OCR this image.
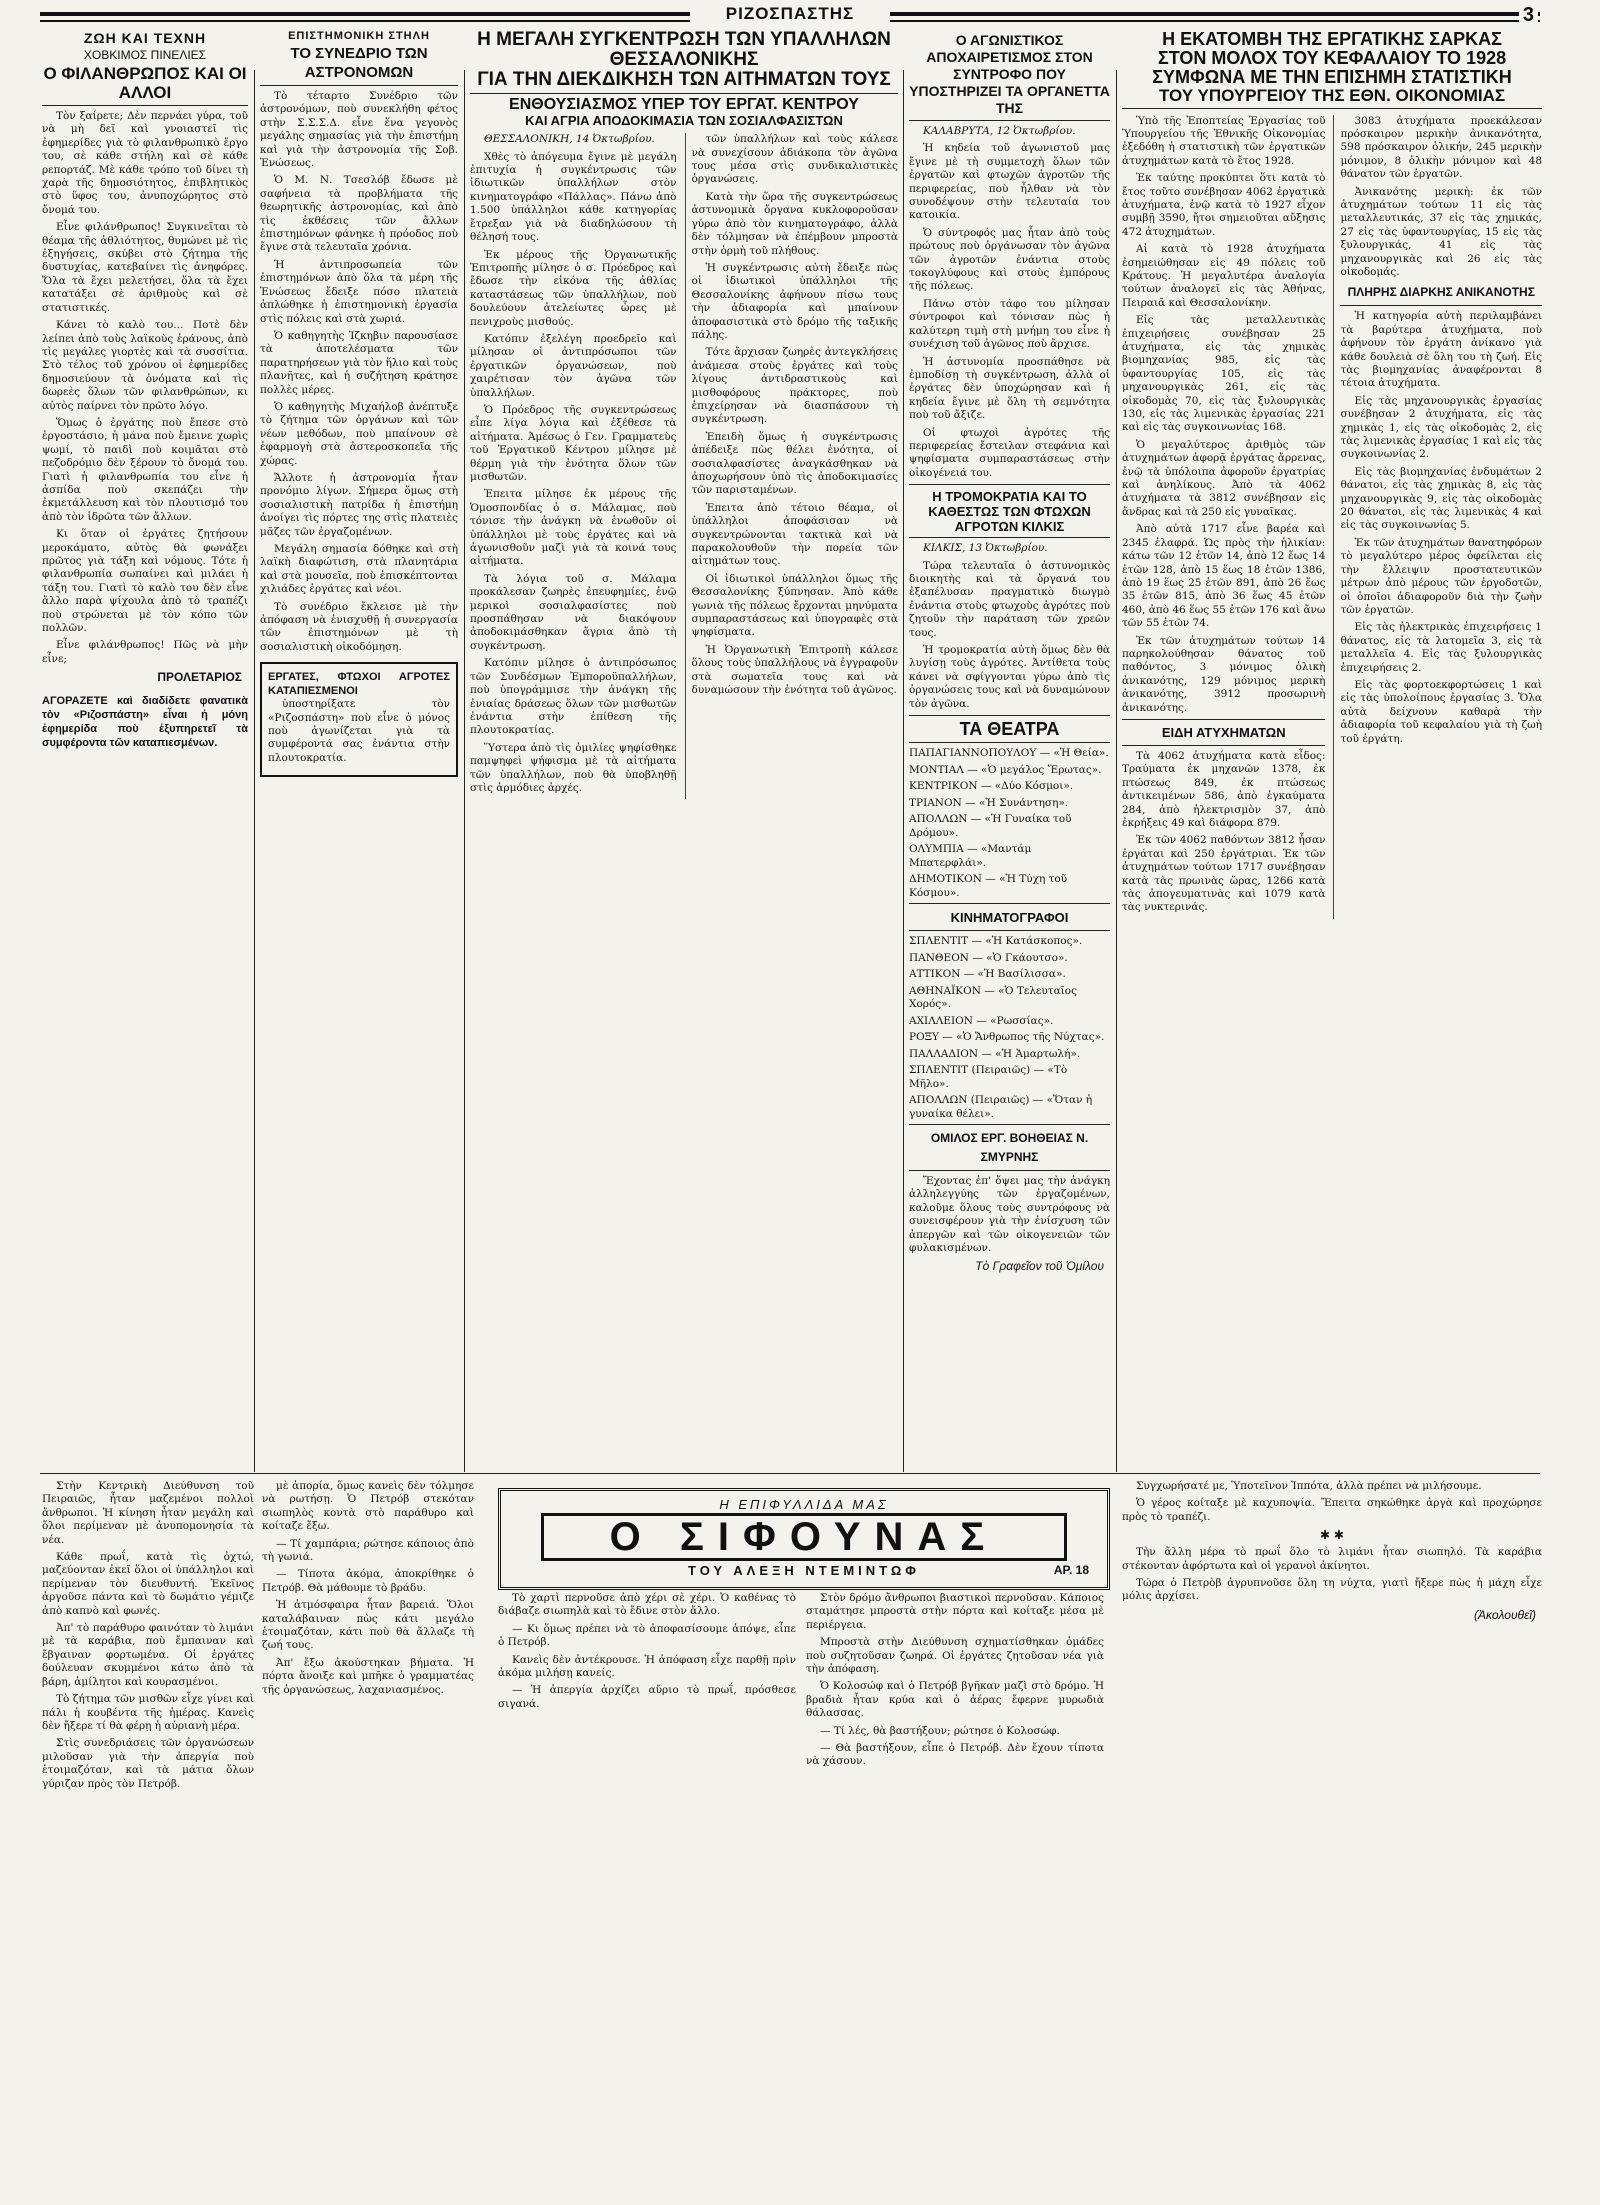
ΡΙΖΟΣΠΑΣΤΗΣ	3
ΖΩΗ ΚΑΙ ΤΕΧΝΗ
ΧΟΒΚΙΜΟΣ ΠΙΝΕΛΙΕΣ
Ο ΦΙΛΑΝΘΡΩΠΟΣ ΚΑΙ ΟΙ ΑΛΛΟΙ

Τὸν ξαίρετε; Δὲν περνάει γύρα, τοῦ νὰ μὴ δεῖ καὶ γνοιαστεῖ τὶς ἐφημερίδες γιὰ τὸ φιλανθρωπικὸ ἔργο του, σὲ κάθε στήλη καὶ σὲ κάθε ρεπορτάζ. Μὲ κάθε τρόπο τοῦ δίνει τὴ χαρὰ τῆς δημοσιότητος, ἐπιβλητικὸς στὸ ὕφος του, ἀνυποχώρητος στὸ ὄνομά του.

Εἶνε φιλάνθρωπος! Συγκινεῖται τὸ θέαμα τῆς ἀθλιότητος, θυμώνει μὲ τὶς ἐξηγήσεις, σκύβει στὸ ζήτημα τῆς δυστυχίας, κατεβαίνει τὶς ἀνηφόρες. Ὅλα τὰ ἔχει μελετήσει, ὅλα τὰ ἔχει κατατάξει σὲ ἀριθμοὺς καὶ σὲ στατιστικές.

Κάνει τὸ καλὸ του... Ποτὲ δὲν λείπει ἀπὸ τοὺς λαϊκοὺς ἐράνους, ἀπὸ τὶς μεγάλες γιορτὲς καὶ τὰ συσσίτια. Στὸ τέλος τοῦ χρόνου οἱ ἐφημερίδες δημοσιεύουν τὰ ὀνόματα καὶ τὶς δωρεὲς ὅλων τῶν φιλανθρώπων, κι αὐτὸς παίρνει τὸν πρῶτο λόγο.

Ὅμως ὁ ἐργάτης ποὺ ἔπεσε στὸ ἐργοστάσιο, ἡ μάνα ποὺ ἔμεινε χωρὶς ψωμί, τὸ παιδὶ ποὺ κοιμᾶται στὸ πεζοδρόμιο δὲν ξέρουν τὸ ὄνομά του. Γιατὶ ἡ φιλανθρωπία του εἶνε ἡ ἀσπίδα ποὺ σκεπάζει τὴν ἐκμετάλλευση καὶ τὸν πλουτισμό του ἀπὸ τὸν ἱδρῶτα τῶν ἄλλων.

Κι ὅταν οἱ ἐργάτες ζητήσουν μεροκάματο, αὐτὸς θὰ φωνάξει πρῶτος γιὰ τάξη καὶ νόμους. Τότε ἡ φιλανθρωπία σωπαίνει καὶ μιλάει ἡ τάξη του. Γιατὶ τὸ καλὸ του δὲν εἶνε ἄλλο παρὰ ψίχουλα ἀπὸ τὸ τραπέζι ποὺ στρώνεται μὲ τὸν κόπο τῶν πολλῶν.

Εἶνε φιλάνθρωπος! Πῶς νὰ μὴν εἶνε;

ΠΡΟΛΕΤΑΡΙΟΣ
ΑΓΟΡΑΖΕΤΕ καὶ διαδίδετε φανατικὰ τὸν «Ριζοσπάστη» εἶναι ἡ μόνη ἐφημερίδα ποὺ ἐξυπηρετεῖ τὰ συμφέροντα τῶν καταπιεσμένων.
ΕΠΙΣΤΗΜΟΝΙΚΗ ΣΤΗΛΗ
ΤΟ ΣΥΝΕΔΡΙΟ ΤΩΝ ΑΣΤΡΟΝΟΜΩΝ

Τὸ τέταρτο Συνέδριο τῶν ἀστρονόμων, ποὺ συνεκλήθη φέτος στὴν Σ.Σ.Σ.Δ. εἶνε ἕνα γεγονὸς μεγάλης σημασίας γιὰ τὴν ἐπιστήμη καὶ γιὰ τὴν ἀστρονομία τῆς Σοβ. Ἑνώσεως.

Ὁ Μ. Ν. Τσεσλόβ ἔδωσε μὲ σαφήνεια τὰ προβλήματα τῆς θεωρητικῆς ἀστρονομίας, καὶ ἀπὸ τὶς ἐκθέσεις τῶν ἄλλων ἐπιστημόνων φάνηκε ἡ πρόοδος ποὺ ἔγινε στὰ τελευταῖα χρόνια.

Ἡ ἀντιπροσωπεία τῶν ἐπιστημόνων ἀπὸ ὅλα τὰ μέρη τῆς Ἑνώσεως ἔδειξε πόσο πλατειὰ ἁπλώθηκε ἡ ἐπιστημονικὴ ἐργασία στὶς πόλεις καὶ στὰ χωριά.

Ὁ καθηγητὴς Ἱζκηβιν παρουσίασε τὰ ἀποτελέσματα τῶν παρατηρήσεων γιὰ τὸν ἥλιο καὶ τοὺς πλανῆτες, καὶ ἡ συζήτηση κράτησε πολλὲς μέρες.

Ὁ καθηγητὴς Μιχαήλοβ ἀνέπτυξε τὸ ζήτημα τῶν ὀργάνων καὶ τῶν νέων μεθόδων, ποὺ μπαίνουν σὲ ἐφαρμογὴ στὰ ἀστεροσκοπεῖα τῆς χώρας.

Ἄλλοτε ἡ ἀστρονομία ἦταν προνόμιο λίγων. Σήμερα ὅμως στὴ σοσιαλιστικὴ πατρίδα ἡ ἐπιστήμη ἀνοίγει τὶς πόρτες της στὶς πλατειὲς μᾶζες τῶν ἐργαζομένων.

Μεγάλη σημασία δόθηκε καὶ στὴ λαϊκὴ διαφώτιση, στὰ πλανητάρια καὶ στὰ μουσεῖα, ποὺ ἐπισκέπτονται χιλιάδες ἐργάτες καὶ νέοι.

Τὸ συνέδριο ἔκλεισε μὲ τὴν ἀπόφαση νὰ ἐνισχυθῇ ἡ συνεργασία τῶν ἐπιστημόνων μὲ τὴ σοσιαλιστικὴ οἰκοδόμηση.

ΕΡΓΑΤΕΣ, ΦΤΩΧΟΙ ΑΓΡΟΤΕΣ ΚΑΤΑΠΙΕΣΜΕΝΟΙ
ὑποστηρίξατε τὸν «Ριζοσπάστη» ποὺ εἶνε ὁ μόνος ποὺ ἀγωνίζεται γιὰ τὰ συμφέροντά σας ἐνάντια στὴν πλουτοκρατία.
Η ΜΕΓΑΛΗ ΣΥΓΚΕΝΤΡΩΣΗ ΤΩΝ ΥΠΑΛΛΗΛΩΝ ΘΕΣΣΑΛΟΝΙΚΗΣ
ΓΙΑ ΤΗΝ ΔΙΕΚΔΙΚΗΣΗ ΤΩΝ ΑΙΤΗΜΑΤΩΝ ΤΟΥΣ
ΕΝΘΟΥΣΙΑΣΜΟΣ ΥΠΕΡ ΤΟΥ ΕΡΓΑΤ. ΚΕΝΤΡΟΥ
ΚΑΙ ΑΓΡΙΑ ΑΠΟΔΟΚΙΜΑΣΙΑ ΤΩΝ ΣΟΣΙΑΛΦΑΣΙΣΤΩΝ

ΘΕΣΣΑΛΟΝΙΚΗ, 14 Ὀκτωβρίου.

Χθὲς τὸ ἀπόγευμα ἔγινε μὲ μεγάλη ἐπιτυχία ἡ συγκέντρωσις τῶν ἰδιωτικῶν ὑπαλλήλων στὸν κινηματογράφο «Πάλλας». Πάνω ἀπὸ 1.500 ὑπάλληλοι κάθε κατηγορίας ἔτρεξαν γιὰ νὰ διαδηλώσουν τὴ θέλησή τους.

Ἐκ μέρους τῆς Ὀργανωτικῆς Ἐπιτροπῆς μίλησε ὁ σ. Πρόεδρος καὶ ἔδωσε τὴν εἰκόνα τῆς ἀθλίας καταστάσεως τῶν ὑπαλλήλων, ποὺ δουλεύουν ἀτελείωτες ὧρες μὲ πενιχροὺς μισθούς.

Κατόπιν ἐξελέγη προεδρεῖο καὶ μίλησαν οἱ ἀντιπρόσωποι τῶν ἐργατικῶν ὀργανώσεων, ποὺ χαιρέτισαν τὸν ἀγῶνα τῶν ὑπαλλήλων.

Ὁ Πρόεδρος τῆς συγκεντρώσεως εἶπε λίγα λόγια καὶ ἐξέθεσε τὰ αἰτήματα. Ἀμέσως ὁ Γεν. Γραμματεὺς τοῦ Ἐργατικοῦ Κέντρου μίλησε μὲ θέρμη γιὰ τὴν ἑνότητα ὅλων τῶν μισθωτῶν.

Ἐπειτα μίλησε ἐκ μέρους τῆς Ὁμοσπονδίας ὁ σ. Μάλαμας, ποὺ τόνισε τὴν ἀνάγκη νὰ ἑνωθοῦν οἱ ὑπάλληλοι μὲ τοὺς ἐργάτες καὶ νὰ ἀγωνισθοῦν μαζὶ γιὰ τὰ κοινά τους αἰτήματα.

Τὰ λόγια τοῦ σ. Μάλαμα προκάλεσαν ζωηρὲς ἐπευφημίες, ἐνῷ μερικοὶ σοσιαλφασίστες ποὺ προσπάθησαν νὰ διακόψουν ἀποδοκιμάσθηκαν ἄγρια ἀπὸ τὴ συγκέντρωση.

Κατόπιν μίλησε ὁ ἀντιπρόσωπος τῶν Συνδέσμων Ἐμποροϋπαλλήλων, ποὺ ὑπογράμμισε τὴν ἀνάγκη τῆς ἐνιαίας δράσεως ὅλων τῶν μισθωτῶν ἐνάντια στὴν ἐπίθεση τῆς πλουτοκρατίας.

Ὕστερα ἀπὸ τὶς ὁμιλίες ψηφίσθηκε παμψηφεὶ ψήφισμα μὲ τὰ αἰτήματα τῶν ὑπαλλήλων, ποὺ θὰ ὑποβληθῇ στὶς ἁρμόδιες ἀρχές.

τῶν ὑπαλλήλων καὶ τοὺς κάλεσε νὰ συνεχίσουν ἀδιάκοπα τὸν ἀγῶνα τους μέσα στὶς συνδικαλιστικὲς ὀργανώσεις.

Κατὰ τὴν ὥρα τῆς συγκεντρώσεως ἀστυνομικὰ ὄργανα κυκλοφοροῦσαν γύρω ἀπὸ τὸν κινηματογράφο, ἀλλὰ δὲν τόλμησαν νὰ ἐπέμβουν μπροστὰ στὴν ὁρμὴ τοῦ πλήθους.

Ἡ συγκέντρωσις αὐτὴ ἔδειξε πὼς οἱ ἰδιωτικοὶ ὑπάλληλοι τῆς Θεσσαλονίκης ἀφήνουν πίσω τους τὴν ἀδιαφορία καὶ μπαίνουν ἀποφασιστικὰ στὸ δρόμο τῆς ταξικῆς πάλης.

Τότε ἄρχισαν ζωηρὲς ἀντεγκλήσεις ἀνάμεσα στοὺς ἐργάτες καὶ τοὺς λίγους ἀντιδραστικοὺς καὶ μισθοφόρους πράκτορες, ποὺ ἐπιχείρησαν νὰ διασπάσουν τὴ συγκέντρωση.

Ἐπειδὴ ὅμως ἡ συγκέντρωσις ἀπέδειξε πὼς θέλει ἑνότητα, οἱ σοσιαλφασίστες ἀναγκάσθηκαν νὰ ἀποχωρήσουν ὑπὸ τὶς ἀποδοκιμασίες τῶν παρισταμένων.

Ἐπειτα ἀπὸ τέτοιο θέαμα, οἱ ὑπάλληλοι ἀποφάσισαν νὰ συγκεντρώνονται τακτικὰ καὶ νὰ παρακολουθοῦν τὴν πορεία τῶν αἰτημάτων τους.

Οἱ ἰδιωτικοὶ ὑπάλληλοι ὅμως τῆς Θεσσαλονίκης ξύπνησαν. Ἀπὸ κάθε γωνιὰ τῆς πόλεως ἔρχονται μηνύματα συμπαραστάσεως καὶ ὑπογραφὲς στὰ ψηφίσματα.

Ἡ Ὀργανωτικὴ Ἐπιτροπὴ κάλεσε ὅλους τοὺς ὑπαλλήλους νὰ ἐγγραφοῦν στὰ σωματεῖα τους καὶ νὰ δυναμώσουν τὴν ἑνότητα τοῦ ἀγῶνος.

Ο ΑΓΩΝΙΣΤΙΚΟΣ ΑΠΟΧΑΙΡΕΤΙΣΜΟΣ ΣΤΟΝ ΣΥΝΤΡΟΦΟ ΠΟΥ ΥΠΟΣΤΗΡΙΖΕΙ ΤΑ ΟΡΓΑΝΕΤΤΑ ΤΗΣ

ΚΑΛΑΒΡΥΤΑ, 12 Ὀκτωβρίου.

Ἡ κηδεία τοῦ ἀγωνιστοῦ μας ἔγινε μὲ τὴ συμμετοχὴ ὅλων τῶν ἐργατῶν καὶ φτωχῶν ἀγροτῶν τῆς περιφερείας, ποὺ ἦλθαν νὰ τὸν συνοδέψουν στὴν τελευταία του κατοικία.

Ὁ σύντροφός μας ἦταν ἀπὸ τοὺς πρώτους ποὺ ὀργάνωσαν τὸν ἀγῶνα τῶν ἀγροτῶν ἐνάντια στοὺς τοκογλύφους καὶ στοὺς ἐμπόρους τῆς πόλεως.

Πάνω στὸν τάφο του μίλησαν σύντροφοι καὶ τόνισαν πὼς ἡ καλύτερη τιμὴ στὴ μνήμη του εἶνε ἡ συνέχιση τοῦ ἀγῶνος ποὺ ἄρχισε.

Ἡ ἀστυνομία προσπάθησε νὰ ἐμποδίσῃ τὴ συγκέντρωση, ἀλλὰ οἱ ἐργάτες δὲν ὑποχώρησαν καὶ ἡ κηδεία ἔγινε μὲ ὅλη τὴ σεμνότητα ποὺ τοῦ ἄξιζε.

Οἱ φτωχοὶ ἀγρότες τῆς περιφερείας ἔστειλαν στεφάνια καὶ ψηφίσματα συμπαραστάσεως στὴν οἰκογένειά του.

Η ΤΡΟΜΟΚΡΑΤΙΑ ΚΑΙ ΤΟ ΚΑΘΕΣΤΩΣ ΤΩΝ ΦΤΩΧΩΝ ΑΓΡΟΤΩΝ ΚΙΛΚΙΣ

ΚΙΛΚΙΣ, 13 Ὀκτωβρίου.

Τώρα τελευταῖα ὁ ἀστυνομικὸς διοικητὴς καὶ τὰ ὄργανά του ἐξαπέλυσαν πραγματικὸ διωγμὸ ἐνάντια στοὺς φτωχοὺς ἀγρότες ποὺ ζητοῦν τὴν παράταση τῶν χρεῶν τους.

Ἡ τρομοκρατία αὐτὴ ὅμως δὲν θὰ λυγίσῃ τοὺς ἀγρότες. Ἀντίθετα τοὺς κάνει νὰ σφίγγονται γύρω ἀπὸ τὶς ὀργανώσεις τους καὶ νὰ δυναμώνουν τὸν ἀγῶνα.

ΤΑ ΘΕΑΤΡΑ
ΠΑΠΑΓΙΑΝΝΟΠΟΥΛΟΥ — «Ἡ Θεία».
ΜΟΝΤΙΑΛ — «Ὁ μεγάλος Ἔρωτας».
ΚΕΝΤΡΙΚΟΝ — «Δύο Κόσμοι».
ΤΡΙΑΝΟΝ — «Ἡ Συνάντηση».
ΑΠΟΛΛΩΝ — «Ἡ Γυναίκα τοῦ Δρόμου».
ΟΛΥΜΠΙΑ — «Μαντάμ Μπατερφλάι».
ΔΗΜΟΤΙΚΟΝ — «Ἡ Τύχη τοῦ Κόσμου».
ΚΙΝΗΜΑΤΟΓΡΑΦΟΙ
ΣΠΛΕΝΤΙΤ — «Ἡ Κατάσκοπος».
ΠΑΝΘΕΟΝ — «Ὁ Γκάουτσο».
ΑΤΤΙΚΟΝ — «Ἡ Βασίλισσα».
ΑΘΗΝΑΪΚΟΝ — «Ὁ Τελευταῖος Χορός».
ΑΧΙΛΛΕΙΟΝ — «Ρωσσίας».
ΡΟΞΥ — «Ὁ Ἄνθρωπος τῆς Νύχτας».
ΠΑΛΛΑΔΙΟΝ — «Ἡ Ἁμαρτωλή».
ΣΠΛΕΝΤΙΤ (Πειραιῶς) — «Τὸ Μῆλο».
ΑΠΟΛΛΩΝ (Πειραιῶς) — «Ὅταν ἡ γυναίκα θέλει».
ΟΜΙΛΟΣ ΕΡΓ. ΒΟΗΘΕΙΑΣ Ν. ΣΜΥΡΝΗΣ

Ἔχοντας ἐπ' ὄψει μας τὴν ἀνάγκη ἀλληλεγγύης τῶν ἐργαζομένων, καλοῦμε ὅλους τοὺς συντρόφους νὰ συνεισφέρουν γιὰ τὴν ἐνίσχυση τῶν ἀπεργῶν καὶ τῶν οἰκογενειῶν τῶν φυλακισμένων.

Τὸ Γραφεῖον τοῦ Ὁμίλου
Η ΕΚΑΤΟΜΒΗ ΤΗΣ ΕΡΓΑΤΙΚΗΣ ΣΑΡΚΑΣ
ΣΤΟΝ ΜΟΛΟΧ ΤΟΥ ΚΕΦΑΛΑΙΟΥ ΤΟ 1928
ΣΥΜΦΩΝΑ ΜΕ ΤΗΝ ΕΠΙΣΗΜΗ ΣΤΑΤΙΣΤΙΚΗ
ΤΟΥ ΥΠΟΥΡΓΕΙΟΥ ΤΗΣ ΕΘΝ. ΟΙΚΟΝΟΜΙΑΣ

Ὑπὸ τῆς Ἐποπτείας Ἐργασίας τοῦ Ὑπουργείου τῆς Ἐθνικῆς Οἰκονομίας ἐξεδόθη ἡ στατιστικὴ τῶν ἐργατικῶν ἀτυχημάτων κατὰ τὸ ἔτος 1928.

Ἐκ ταύτης προκύπτει ὅτι κατὰ τὸ ἔτος τοῦτο συνέβησαν 4062 ἐργατικὰ ἀτυχήματα, ἐνῷ κατὰ τὸ 1927 εἶχον συμβῇ 3590, ἤτοι σημειοῦται αὔξησις 472 ἀτυχημάτων.

Αἱ κατὰ τὸ 1928 ἀτυχήματα ἐσημειώθησαν εἰς 49 πόλεις τοῦ Κράτους. Ἡ μεγαλυτέρα ἀναλογία τούτων ἀναλογεῖ εἰς τὰς Ἀθήνας, Πειραιᾶ καὶ Θεσσαλονίκην.

Εἰς τὰς μεταλλευτικὰς ἐπιχειρήσεις συνέβησαν 25 ἀτυχήματα, εἰς τὰς χημικὰς βιομηχανίας 985, εἰς τὰς ὑφαντουργίας 105, εἰς τὰς μηχανουργικὰς 261, εἰς τὰς οἰκοδομὰς 70, εἰς τὰς ξυλουργικὰς 130, εἰς τὰς λιμενικὰς ἐργασίας 221 καὶ εἰς τὰς συγκοινωνίας 168.

Ὁ μεγαλύτερος ἀριθμὸς τῶν ἀτυχημάτων ἀφορᾷ ἐργάτας ἄρρενας, ἐνῷ τὰ ὑπόλοιπα ἀφοροῦν ἐργατρίας καὶ ἀνηλίκους. Ἀπὸ τὰ 4062 ἀτυχήματα τὰ 3812 συνέβησαν εἰς ἄνδρας καὶ τὰ 250 εἰς γυναῖκας.

Ἀπὸ αὐτὰ 1717 εἶνε βαρέα καὶ 2345 ἐλαφρά. Ὡς πρὸς τὴν ἡλικίαν: κάτω τῶν 12 ἐτῶν 14, ἀπὸ 12 ἕως 14 ἐτῶν 128, ἀπὸ 15 ἕως 18 ἐτῶν 1386, ἀπὸ 19 ἕως 25 ἐτῶν 891, ἀπὸ 26 ἕως 35 ἐτῶν 815, ἀπὸ 36 ἕως 45 ἐτῶν 460, ἀπὸ 46 ἕως 55 ἐτῶν 176 καὶ ἄνω τῶν 55 ἐτῶν 74.

Ἐκ τῶν ἀτυχημάτων τούτων 14 παρηκολούθησαν θάνατος τοῦ παθόντος, 3 μόνιμος ὁλικὴ ἀνικανότης, 129 μόνιμος μερικὴ ἀνικανότης, 3912 προσωρινὴ ἀνικανότης.

ΕΙΔΗ ΑΤΥΧΗΜΑΤΩΝ

Τὰ 4062 ἀτυχήματα κατὰ εἶδος: Τραύματα ἐκ μηχανῶν 1378, ἐκ πτώσεως 849, ἐκ πτώσεως ἀντικειμένων 586, ἀπὸ ἐγκαύματα 284, ἀπὸ ἡλεκτρισμὸν 37, ἀπὸ ἐκρήξεις 49 καὶ διάφορα 879.

Ἐκ τῶν 4062 παθόντων 3812 ἦσαν ἐργάται καὶ 250 ἐργάτριαι. Ἐκ τῶν ἀτυχημάτων τούτων 1717 συνέβησαν κατὰ τὰς πρωινὰς ὥρας, 1266 κατὰ τὰς ἀπογευματινὰς καὶ 1079 κατὰ τὰς νυκτερινάς.

3083 ἀτυχήματα προεκάλεσαν πρόσκαιρον μερικὴν ἀνικανότητα, 598 πρόσκαιρον ὁλικήν, 245 μερικὴν μόνιμον, 8 ὁλικὴν μόνιμον καὶ 48 θάνατον τῶν ἐργατῶν.

Ἀνικανότης μερικὴ: ἐκ τῶν ἀτυχημάτων τούτων 11 εἰς τὰς μεταλλευτικάς, 37 εἰς τὰς χημικάς, 27 εἰς τὰς ὑφαντουργίας, 15 εἰς τὰς ξυλουργικάς, 41 εἰς τὰς μηχανουργικὰς καὶ 26 εἰς τὰς οἰκοδομάς.

ΠΛΗΡΗΣ ΔΙΑΡΚΗΣ ΑΝΙΚΑΝΟΤΗΣ

Ἡ κατηγορία αὐτὴ περιλαμβάνει τὰ βαρύτερα ἀτυχήματα, ποὺ ἀφήνουν τὸν ἐργάτη ἀνίκανο γιὰ κάθε δουλειὰ σὲ ὅλη του τὴ ζωή. Εἰς τὰς βιομηχανίας ἀναφέρονται 8 τέτοια ἀτυχήματα.

Εἰς τὰς μηχανουργικὰς ἐργασίας συνέβησαν 2 ἀτυχήματα, εἰς τὰς χημικὰς 1, εἰς τὰς οἰκοδομὰς 2, εἰς τὰς λιμενικὰς ἐργασίας 1 καὶ εἰς τὰς συγκοινωνίας 2.

Εἰς τὰς βιομηχανίας ἐνδυμάτων 2 θάνατοι, εἰς τὰς χημικὰς 8, εἰς τὰς μηχανουργικὰς 9, εἰς τὰς οἰκοδομὰς 20 θάνατοι, εἰς τὰς λιμενικὰς 4 καὶ εἰς τὰς συγκοινωνίας 5.

Ἐκ τῶν ἀτυχημάτων θανατηφόρων τὸ μεγαλύτερο μέρος ὀφείλεται εἰς τὴν ἔλλειψιν προστατευτικῶν μέτρων ἀπὸ μέρους τῶν ἐργοδοτῶν, οἱ ὁποῖοι ἀδιαφοροῦν διὰ τὴν ζωὴν τῶν ἐργατῶν.

Εἰς τὰς ἠλεκτρικὰς ἐπιχειρήσεις 1 θάνατος, εἰς τὰ λατομεῖα 3, εἰς τὰ μεταλλεῖα 4. Εἰς τὰς ξυλουργικὰς ἐπιχειρήσεις 2.

Εἰς τὰς φορτοεκφορτώσεις 1 καὶ εἰς τὰς ὑπολοίπους ἐργασίας 3. Ὅλα αὐτὰ δείχνουν καθαρὰ τὴν ἀδιαφορία τοῦ κεφαλαίου γιὰ τὴ ζωὴ τοῦ ἐργάτη.

Η ΕΠΙΦΥΛΛΙΔΑ ΜΑΣ
Ο ΣΙΦΟΥΝΑΣ
ΤΟΥ ΑΛΕΞΗ ΝΤΕΜΙΝΤΩΦ	ΑΡ. 18

Στὴν Κεντρικὴ Διεύθυνση τοῦ Πειραιῶς, ἦταν μαζεμένοι πολλοὶ ἄνθρωποι. Ἡ κίνηση ἦταν μεγάλη καὶ ὅλοι περίμεναν μὲ ἀνυπομονησία τὰ νέα.

Κάθε πρωΐ, κατὰ τὶς ὀχτώ, μαζεύονταν ἐκεῖ ὅλοι οἱ ὑπάλληλοι καὶ περίμεναν τὸν διευθυντή. Ἐκεῖνος ἀργοῦσε πάντα καὶ τὸ δωμάτιο γέμιζε ἀπὸ καπνὸ καὶ φωνές.

Ἀπ' τὸ παράθυρο φαινόταν τὸ λιμάνι μὲ τὰ καράβια, ποὺ ἔμπαιναν καὶ ἔβγαιναν φορτωμένα. Οἱ ἐργάτες δούλευαν σκυμμένοι κάτω ἀπὸ τὰ βάρη, ἀμίλητοι καὶ κουρασμένοι.

Τὸ ζήτημα τῶν μισθῶν εἶχε γίνει καὶ πάλι ἡ κουβέντα τῆς ἡμέρας. Κανεὶς δὲν ἤξερε τί θὰ φέρῃ ἡ αὐριανὴ μέρα.

Στὶς συνεδριάσεις τῶν ὀργανώσεων μιλοῦσαν γιὰ τὴν ἀπεργία ποὺ ἑτοιμαζόταν, καὶ τὰ μάτια ὅλων γύριζαν πρὸς τὸν Πετρόβ.

μὲ ἀπορία, ὅμως κανεὶς δὲν τόλμησε νὰ ρωτήσῃ. Ὁ Πετρόβ στεκόταν σιωπηλὸς κοντὰ στὸ παράθυρο καὶ κοίταζε ἔξω.

— Τί χαμπάρια; ρώτησε κάποιος ἀπὸ τὴ γωνιά.

— Τίποτα ἀκόμα, ἀποκρίθηκε ὁ Πετρόβ. Θὰ μάθουμε τὸ βράδυ.

Ἡ ἀτμόσφαιρα ἦταν βαρειά. Ὅλοι καταλάβαιναν πὼς κάτι μεγάλο ἑτοιμαζόταν, κάτι ποὺ θὰ ἄλλαζε τὴ ζωή τους.

Ἀπ' ἔξω ἀκούστηκαν βήματα. Ἡ πόρτα ἄνοιξε καὶ μπῆκε ὁ γραμματέας τῆς ὀργανώσεως, λαχανιασμένος.

Τὸ χαρτὶ περνοῦσε ἀπὸ χέρι σὲ χέρι. Ὁ καθένας τὸ διάβαζε σιωπηλὰ καὶ τὸ ἔδινε στὸν ἄλλο.

— Κι ὅμως πρέπει νὰ τὸ ἀποφασίσουμε ἀπόψε, εἶπε ὁ Πετρόβ.

Κανεὶς δὲν ἀντέκρουσε. Ἡ ἀπόφαση εἶχε παρθῇ πρὶν ἀκόμα μιλήσῃ κανείς.

— Ἡ ἀπεργία ἀρχίζει αὔριο τὸ πρωΐ, πρόσθεσε σιγανά.

Στὸν δρόμο ἄνθρωποι βιαστικοὶ περνοῦσαν. Κάποιος σταμάτησε μπροστὰ στὴν πόρτα καὶ κοίταξε μέσα μὲ περιέργεια.

Μπροστὰ στὴν Διεύθυνση σχηματίσθηκαν ὁμάδες ποὺ συζητοῦσαν ζωηρά. Οἱ ἐργάτες ζητοῦσαν νέα γιὰ τὴν ἀπόφαση.

Ὁ Κολοσώφ καὶ ὁ Πετρόβ βγῆκαν μαζὶ στὸ δρόμο. Ἡ βραδιὰ ἦταν κρύα καὶ ὁ ἀέρας ἔφερνε μυρωδιὰ θάλασσας.

— Τί λές, θὰ βαστήξουν; ρώτησε ὁ Κολοσώφ.

— Θὰ βαστήξουν, εἶπε ὁ Πετρόβ. Δὲν ἔχουν τίποτα νὰ χάσουν.

Συγχωρήσατέ με, Ὑποτεῖνον Ἱππότα, ἀλλὰ πρέπει νὰ μιλήσουμε.

Ὁ γέρος κοίταξε μὲ καχυποψία. Ἔπειτα σηκώθηκε ἀργὰ καὶ προχώρησε πρὸς τὸ τραπέζι.

✱ ✱

Τὴν ἄλλη μέρα τὸ πρωΐ ὅλο τὸ λιμάνι ἦταν σιωπηλό. Τὰ καράβια στέκονταν ἀφόρτωτα καὶ οἱ γερανοὶ ἀκίνητοι.

Τώρα ὁ Πετρὸβ ἀγρυπνοῦσε ὅλη τη νύχτα, γιατὶ ἤξερε πὼς ἡ μάχη εἶχε μόλις ἀρχίσει.

(Ἀκολουθεῖ)
